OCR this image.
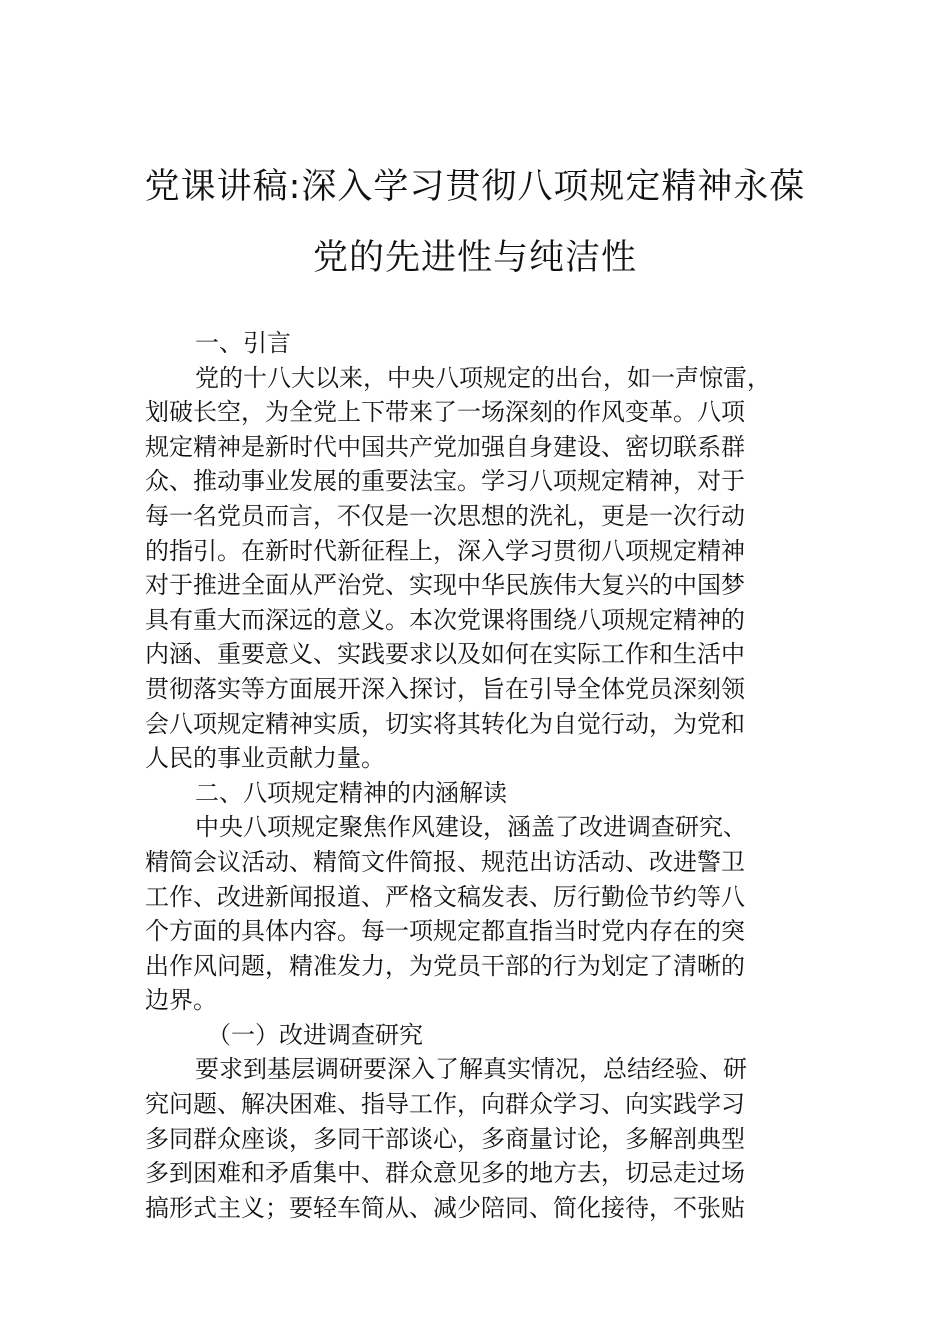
党课讲稿:深入学习贯彻八项规定精神永葆
党的先进性与纯洁性
一、引言
党的十八大以来，中央八项规定的出台，如一声惊雷，
划破长空，为全党上下带来了一场深刻的作风变革。八项
规定精神是新时代中国共产党加强自身建设、密切联系群
众、推动事业发展的重要法宝。学习八项规定精神，对于
每一名党员而言，不仅是一次思想的洗礼，更是一次行动
的指引。在新时代新征程上，深入学习贯彻八项规定精神
对于推进全面从严治党、实现中华民族伟大复兴的中国梦
具有重大而深远的意义。本次党课将围绕八项规定精神的
内涵、重要意义、实践要求以及如何在实际工作和生活中
贯彻落实等方面展开深入探讨，旨在引导全体党员深刻领
会八项规定精神实质，切实将其转化为自觉行动，为党和
人民的事业贡献力量。
二、八项规定精神的内涵解读
中央八项规定聚焦作风建设，涵盖了改进调查研究、
精简会议活动、精简文件简报、规范出访活动、改进警卫
工作、改进新闻报道、严格文稿发表、厉行勤俭节约等八
个方面的具体内容。每一项规定都直指当时党内存在的突
出作风问题，精准发力，为党员干部的行为划定了清晰的
边界。
（一）改进调查研究
要求到基层调研要深入了解真实情况，总结经验、研
究问题、解决困难、指导工作，向群众学习、向实践学习
多同群众座谈，多同干部谈心，多商量讨论，多解剖典型
多到困难和矛盾集中、群众意见多的地方去，切忌走过场
搞形式主义；要轻车简从、减少陪同、简化接待，不张贴
